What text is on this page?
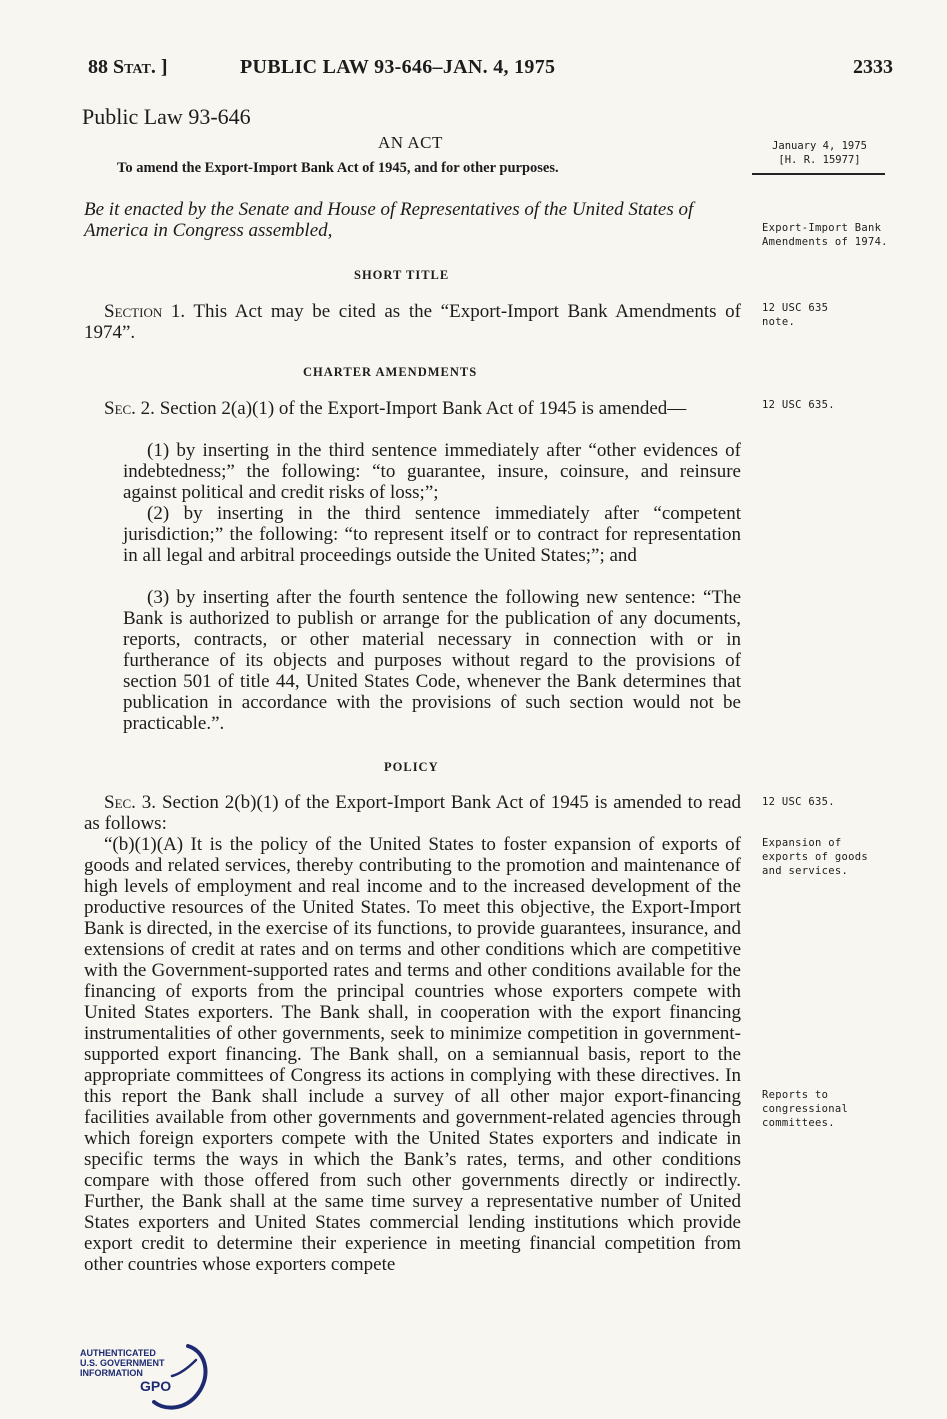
88 Stat. ]	PUBLIC LAW 93-646–JAN. 4, 1975	2333
Public Law 93-646
AN ACT
To amend the Export-Import Bank Act of 1945, and for other purposes.
January 4, 1975
[H. R. 15977]
Be it enacted by the Senate and House of Representatives of the United States of America in Congress assembled,	Export-Import Bank Amendments of 1974.
SHORT TITLE

Section 1. This Act may be cited as the “Export-Import Bank Amendments of 1974”.

12 USC 635 note.
CHARTER AMENDMENTS

Sec. 2. Section 2(a)(1) of the Export-Import Bank Act of 1945 is amended—	12 USC 635.

(1) by inserting in the third sentence immediately after “other evidences of indebtedness;” the following: “to guarantee, insure, coinsure, and reinsure against political and credit risks of loss;”;

(2) by inserting in the third sentence immediately after “competent jurisdiction;” the following: “to represent itself or to contract for representation in all legal and arbitral proceedings outside the United States;”; and

(3) by inserting after the fourth sentence the following new sentence: “The Bank is authorized to publish or arrange for the publication of any documents, reports, contracts, or other material necessary in connection with or in furtherance of its objects and purposes without regard to the provisions of section 501 of title 44, United States Code, whenever the Bank determines that publication in accordance with the provisions of such section would not be practicable.”.

POLICY

Sec. 3. Section 2(b)(1) of the Export-Import Bank Act of 1945 is amended to read as follows:

12 USC 635.

“(b)(1)(A) It is the policy of the United States to foster expansion of exports of goods and related services, thereby contributing to the promotion and maintenance of high levels of employment and real income and to the increased development of the productive resources of the United States. To meet this objective, the Export-Import Bank is directed, in the exercise of its functions, to provide guarantees, insurance, and extensions of credit at rates and on terms and other conditions which are competitive with the Government-supported rates and terms and other conditions available for the financing of exports from the principal countries whose exporters compete with United States exporters. The Bank shall, in cooperation with the export financing instrumentalities of other governments, seek to minimize competition in government-supported export financing. The Bank shall, on a semiannual basis, report to the appropriate committees of Congress its actions in complying with these directives. In this report the Bank shall include a survey of all other major export-financing facilities available from other governments and government-related agencies through which foreign exporters compete with the United States exporters and indicate in specific terms the ways in which the Bank’s rates, terms, and other conditions compare with those offered from such other governments directly or indirectly. Further, the Bank shall at the same time survey a representative number of United States exporters and United States commercial lending institutions which provide export credit to determine their experience in meeting financial competition from other countries whose exporters compete

Expansion of exports of goods and services.
Reports to congressional committees.
AUTHENTICATED
U.S. GOVERNMENT
INFORMATION
GPO
